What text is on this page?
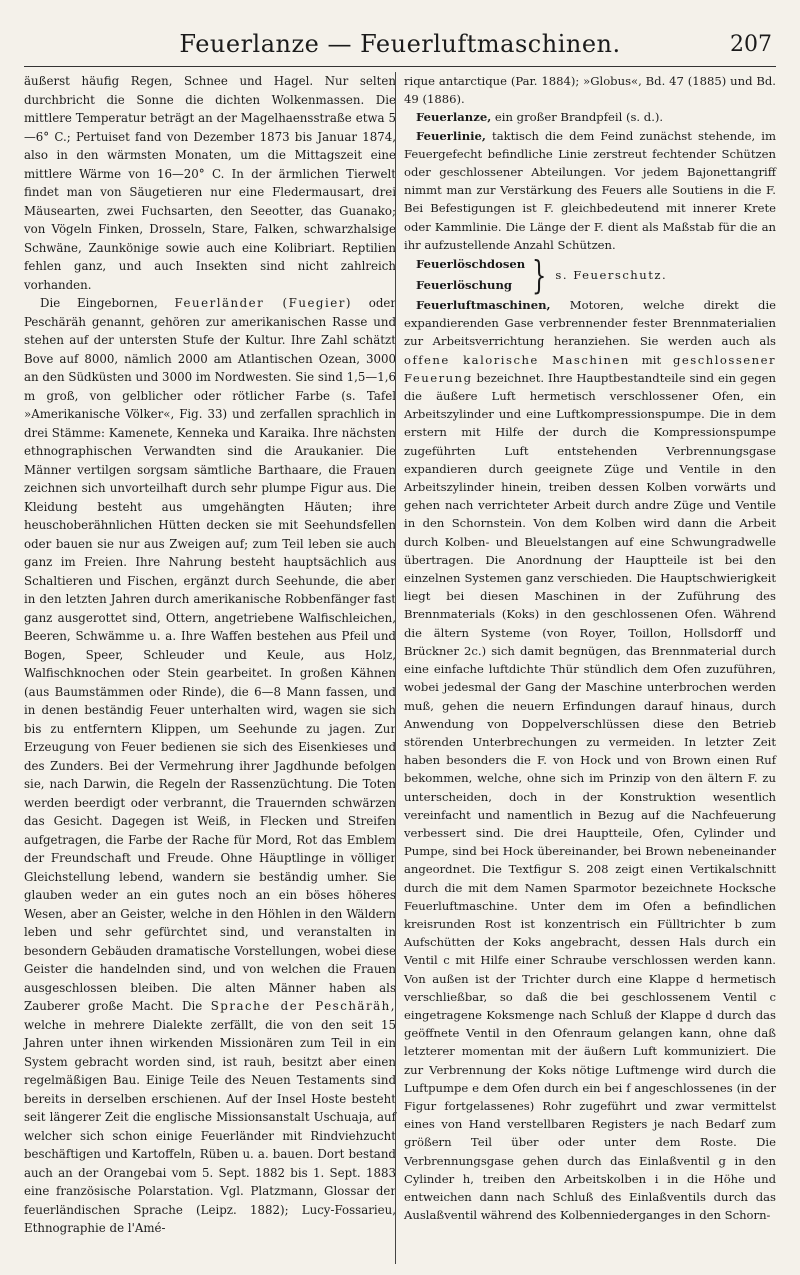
Feuerlanze — Feuerluftmaschinen.	207

äußerst häufig Regen, Schnee und Hagel. Nur selten durchbricht die Sonne die dichten Wolkenmassen. Die mittlere Temperatur beträgt an der Magelhaensstraße etwa 5—6° C.; Pertuiset fand von Dezember 1873 bis Januar 1874, also in den wärmsten Monaten, um die Mittagszeit eine mittlere Wärme von 16—20° C. In der ärmlichen Tierwelt findet man von Säugetieren nur eine Fledermausart, drei Mäusearten, zwei Fuchsarten, den Seeotter, das Guanako; von Vögeln Finken, Drosseln, Stare, Falken, schwarzhalsige Schwäne, Zaunkönige sowie auch eine Kolibriart. Reptilien fehlen ganz, und auch Insekten sind nicht zahlreich vorhanden.

Die Eingebornen, Feuerländer (Fuegier) oder Peschäräh genannt, gehören zur amerikanischen Rasse und stehen auf der untersten Stufe der Kultur. Ihre Zahl schätzt Bove auf 8000, nämlich 2000 am Atlantischen Ozean, 3000 an den Südküsten und 3000 im Nordwesten. Sie sind 1,5—1,6 m groß, von gelblicher oder rötlicher Farbe (s. Tafel »Amerikanische Völker«, Fig. 33) und zerfallen sprachlich in drei Stämme: Kamenete, Kenneka und Karaika. Ihre nächsten ethnographischen Verwandten sind die Araukanier. Die Männer vertilgen sorgsam sämtliche Barthaare, die Frauen zeichnen sich unvorteilhaft durch sehr plumpe Figur aus. Die Kleidung besteht aus umgehängten Häuten; ihre heuschoberähnlichen Hütten decken sie mit Seehundsfellen oder bauen sie nur aus Zweigen auf; zum Teil leben sie auch ganz im Freien. Ihre Nahrung besteht hauptsächlich aus Schaltieren und Fischen, ergänzt durch Seehunde, die aber in den letzten Jahren durch amerikanische Robbenfänger fast ganz ausgerottet sind, Ottern, angetriebene Walfischleichen, Beeren, Schwämme u. a. Ihre Waffen bestehen aus Pfeil und Bogen, Speer, Schleuder und Keule, aus Holz, Walfischknochen oder Stein gearbeitet. In großen Kähnen (aus Baumstämmen oder Rinde), die 6—8 Mann fassen, und in denen beständig Feuer unterhalten wird, wagen sie sich bis zu entferntern Klippen, um Seehunde zu jagen. Zur Erzeugung von Feuer bedienen sie sich des Eisenkieses und des Zunders. Bei der Vermehrung ihrer Jagdhunde befolgen sie, nach Darwin, die Regeln der Rassenzüchtung. Die Toten werden beerdigt oder verbrannt, die Trauernden schwärzen das Gesicht. Dagegen ist Weiß, in Flecken und Streifen aufgetragen, die Farbe der Rache für Mord, Rot das Emblem der Freundschaft und Freude. Ohne Häuptlinge in völliger Gleichstellung lebend, wandern sie beständig umher. Sie glauben weder an ein gutes noch an ein böses höheres Wesen, aber an Geister, welche in den Höhlen in den Wäldern leben und sehr gefürchtet sind, und veranstalten in besondern Gebäuden dramatische Vorstellungen, wobei diese Geister die handelnden sind, und von welchen die Frauen ausgeschlossen bleiben. Die alten Männer haben als Zauberer große Macht. Die Sprache der Peschäräh, welche in mehrere Dialekte zerfällt, die von den seit 15 Jahren unter ihnen wirkenden Missionären zum Teil in ein System gebracht worden sind, ist rauh, besitzt aber einen regelmäßigen Bau. Einige Teile des Neuen Testaments sind bereits in derselben erschienen. Auf der Insel Hoste besteht seit längerer Zeit die englische Missionsanstalt Uschuaja, auf welcher sich schon einige Feuerländer mit Rindviehzucht beschäftigen und Kartoffeln, Rüben u. a. bauen. Dort bestand auch an der Orangebai vom 5. Sept. 1882 bis 1. Sept. 1883 eine französische Polarstation. Vgl. Platzmann, Glossar der feuerländischen Sprache (Leipz. 1882); Lucy-Fossarieu, Ethnographie de l'Amé-

rique antarctique (Par. 1884); »Globus«, Bd. 47 (1885) und Bd. 49 (1886).

Feuerlanze, ein großer Brandpfeil (s. d.).

Feuerlinie, taktisch die dem Feind zunächst stehende, im Feuergefecht befindliche Linie zerstreut fechtender Schützen oder geschlossener Abteilungen. Vor jedem Bajonettangriff nimmt man zur Verstärkung des Feuers alle Soutiens in die F. Bei Befestigungen ist F. gleichbedeutend mit innerer Krete oder Kammlinie. Die Länge der F. dient als Maßstab für die an ihr aufzustellende Anzahl Schützen.

Feuerlöschdosen
Feuerlöschung } s. Feuerschutz.

Feuerluftmaschinen, Motoren, welche direkt die expandierenden Gase verbrennender fester Brennmaterialien zur Arbeitsverrichtung heranziehen. Sie werden auch als offene kalorische Maschinen mit geschlossener Feuerung bezeichnet. Ihre Hauptbestandteile sind ein gegen die äußere Luft hermetisch verschlossener Ofen, ein Arbeitszylinder und eine Luftkompressionspumpe. Die in dem erstern mit Hilfe der durch die Kompressionspumpe zugeführten Luft entstehenden Verbrennungsgase expandieren durch geeignete Züge und Ventile in den Arbeitszylinder hinein, treiben dessen Kolben vorwärts und gehen nach verrichteter Arbeit durch andre Züge und Ventile in den Schornstein. Von dem Kolben wird dann die Arbeit durch Kolben- und Bleuelstangen auf eine Schwungradwelle übertragen. Die Anordnung der Hauptteile ist bei den einzelnen Systemen ganz verschieden. Die Hauptschwierigkeit liegt bei diesen Maschinen in der Zuführung des Brennmaterials (Koks) in den geschlossenen Ofen. Während die ältern Systeme (von Royer, Toillon, Hollsdorff und Brückner 2c.) sich damit begnügen, das Brennmaterial durch eine einfache luftdichte Thür stündlich dem Ofen zuzuführen, wobei jedesmal der Gang der Maschine unterbrochen werden muß, gehen die neuern Erfindungen darauf hinaus, durch Anwendung von Doppelverschlüssen diese den Betrieb störenden Unterbrechungen zu vermeiden. In letzter Zeit haben besonders die F. von Hock und von Brown einen Ruf bekommen, welche, ohne sich im Prinzip von den ältern F. zu unterscheiden, doch in der Konstruktion wesentlich vereinfacht und namentlich in Bezug auf die Nachfeuerung verbessert sind. Die drei Hauptteile, Ofen, Cylinder und Pumpe, sind bei Hock übereinander, bei Brown nebeneinander angeordnet. Die Textfigur S. 208 zeigt einen Vertikalschnitt durch die mit dem Namen Sparmotor bezeichnete Hocksche Feuerluftmaschine. Unter dem im Ofen a befindlichen kreisrunden Rost ist konzentrisch ein Fülltrichter b zum Aufschütten der Koks angebracht, dessen Hals durch ein Ventil c mit Hilfe einer Schraube verschlossen werden kann. Von außen ist der Trichter durch eine Klappe d hermetisch verschließbar, so daß die bei geschlossenem Ventil c eingetragene Koksmenge nach Schluß der Klappe d durch das geöffnete Ventil in den Ofenraum gelangen kann, ohne daß letzterer momentan mit der äußern Luft kommuniziert. Die zur Verbrennung der Koks nötige Luftmenge wird durch die Luftpumpe e dem Ofen durch ein bei f angeschlossenes (in der Figur fortgelassenes) Rohr zugeführt und zwar vermittelst eines von Hand verstellbaren Registers je nach Bedarf zum größern Teil über oder unter dem Roste. Die Verbrennungsgase gehen durch das Einlaßventil g in den Cylinder h, treiben den Arbeitskolben i in die Höhe und entweichen dann nach Schluß des Einlaßventils durch das Auslaßventil während des Kolbenniederganges in den Schorn-
